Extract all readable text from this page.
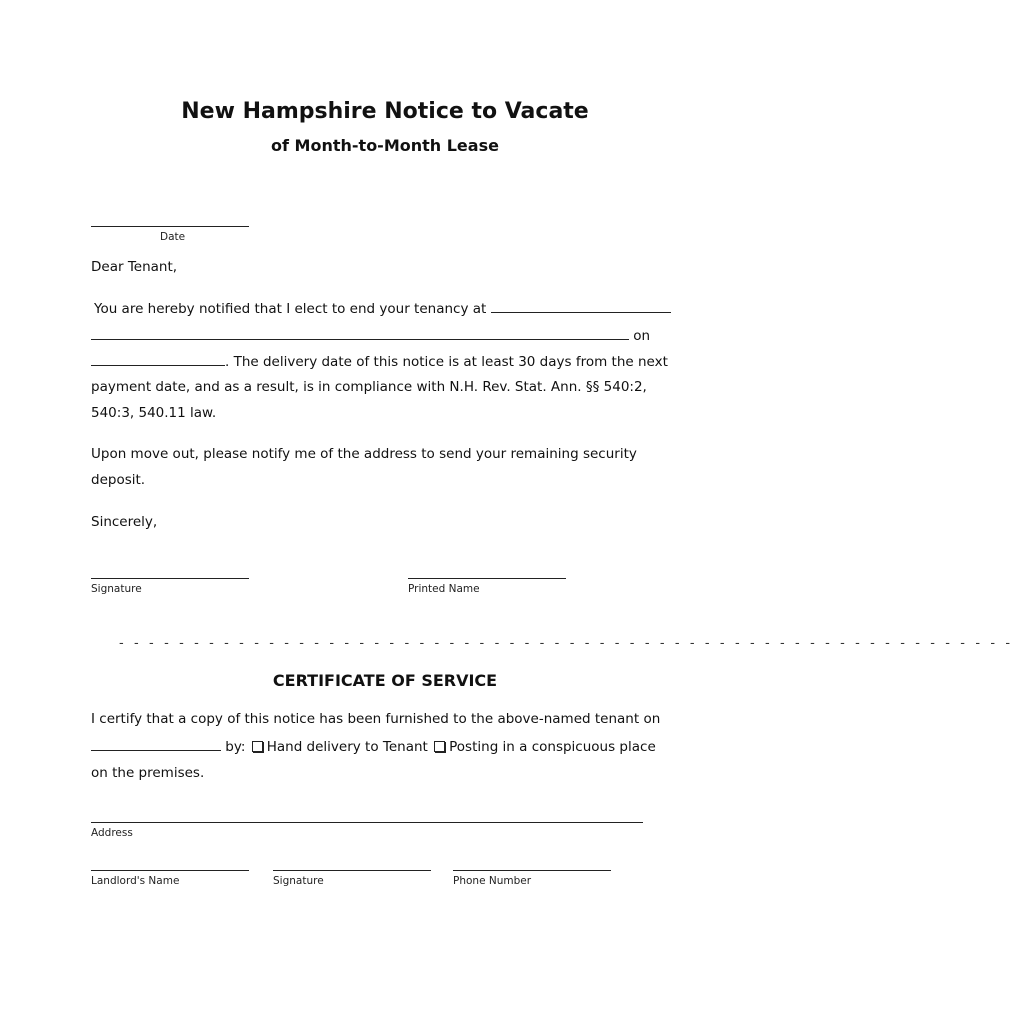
New Hampshire Notice to Vacate
of Month-to-Month Lease
Date
Dear Tenant,
You are hereby notified that I elect to end your tenancy at
on
. The delivery date of this notice is at least 30 days from the next
payment date, and as a result, is in compliance with N.H. Rev. Stat. Ann. §§ 540:2,
540:3, 540.11 law.
Upon move out, please notify me of the address to send your remaining security
deposit.
Sincerely,
Signature	Printed Name
- - - - - - - - - - - - - - - - - - - - - - - - - - - - - - - - - - - - - - - - - - - - - - - - - - - - - - - - - - - -
CERTIFICATE OF SERVICE
I certify that a copy of this notice has been furnished to the above-named tenant on
by: Hand delivery to Tenant Posting in a conspicuous place
on the premises.
Address
Landlord's Name	Signature	Phone Number
